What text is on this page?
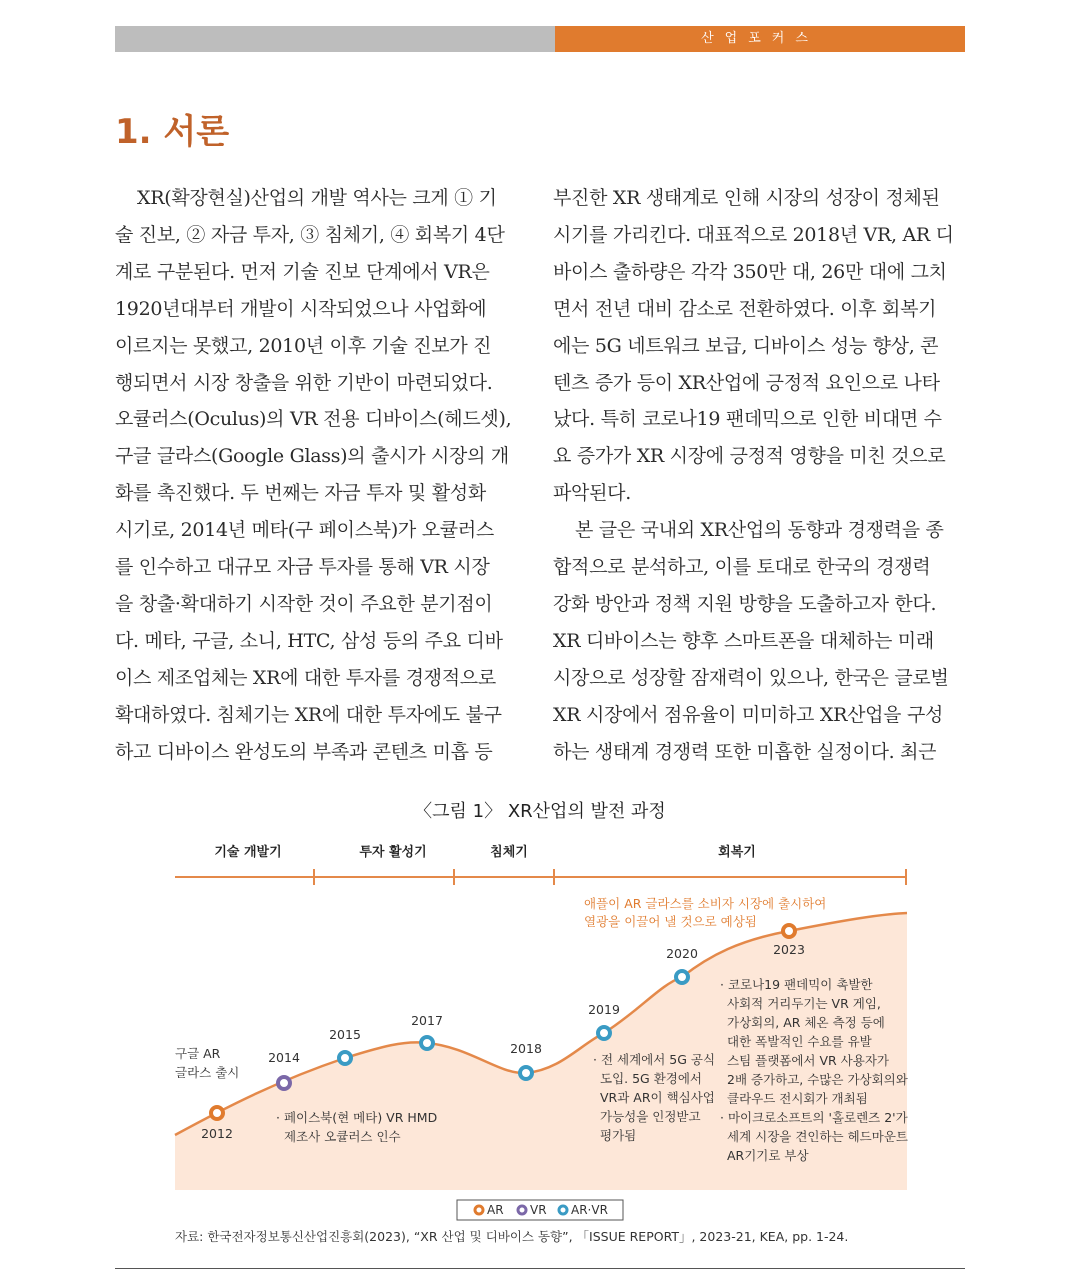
산업포커스
1. 서론

XR(확장현실)산업의 개발 역사는 크게 ① 기

술 진보, ② 자금 투자, ③ 침체기, ④ 회복기 4단

계로 구분된다. 먼저 기술 진보 단계에서 VR은

1920년대부터 개발이 시작되었으나 사업화에

이르지는 못했고, 2010년 이후 기술 진보가 진

행되면서 시장 창출을 위한 기반이 마련되었다.

오큘러스(Oculus)의 VR 전용 디바이스(헤드셋),

구글 글라스(Google Glass)의 출시가 시장의 개

화를 촉진했다. 두 번째는 자금 투자 및 활성화

시기로, 2014년 메타(구 페이스북)가 오큘러스

를 인수하고 대규모 자금 투자를 통해 VR 시장

을 창출·확대하기 시작한 것이 주요한 분기점이

다. 메타, 구글, 소니, HTC, 삼성 등의 주요 디바

이스 제조업체는 XR에 대한 투자를 경쟁적으로

확대하였다. 침체기는 XR에 대한 투자에도 불구

하고 디바이스 완성도의 부족과 콘텐츠 미흡 등

부진한 XR 생태계로 인해 시장의 성장이 정체된

시기를 가리킨다. 대표적으로 2018년 VR, AR 디

바이스 출하량은 각각 350만 대, 26만 대에 그치

면서 전년 대비 감소로 전환하였다. 이후 회복기

에는 5G 네트워크 보급, 디바이스 성능 향상, 콘

텐츠 증가 등이 XR산업에 긍정적 요인으로 나타

났다. 특히 코로나19 팬데믹으로 인한 비대면 수

요 증가가 XR 시장에 긍정적 영향을 미친 것으로

파악된다.

본 글은 국내외 XR산업의 동향과 경쟁력을 종

합적으로 분석하고, 이를 토대로 한국의 경쟁력

강화 방안과 정책 지원 방향을 도출하고자 한다.

XR 디바이스는 향후 스마트폰을 대체하는 미래

시장으로 성장할 잠재력이 있으나, 한국은 글로벌

XR 시장에서 점유율이 미미하고 XR산업을 구성

하는 생태계 경쟁력 또한 미흡한 실정이다. 최근

〈그림 1〉 XR산업의 발전 과정

기술 개발기	투자 활성기	침체기	회복기
2012
2014
2015
2017
2018
2019
2020	2023
구글 AR
글라스 출시
· 페이스북(현 메타) VR HMD
제조사 오큘러스 인수
애플이 AR 글라스를 소비자 시장에 출시하여
열광을 이끌어 낼 것으로 예상됨
· 전 세계에서 5G 공식
도입. 5G 환경에서
VR과 AR이 핵심사업
가능성을 인정받고
평가됨
· 코로나19 팬데믹이 촉발한
사회적 거리두기는 VR 게임,
가상회의, AR 체온 측정 등에
대한 폭발적인 수요를 유발
스팀 플랫폼에서 VR 사용자가
2배 증가하고, 수많은 가상회의와
클라우드 전시회가 개최됨
· 마이크로소프트의 '홀로렌즈 2'가
세계 시장을 견인하는 헤드마운트
AR기기로 부상
AR VR AR·VR

자료: 한국전자정보통신산업진흥회(2023), “XR 산업 및 디바이스 동향”, 「ISSUE REPORT」, 2023-21, KEA, pp. 1-24.
